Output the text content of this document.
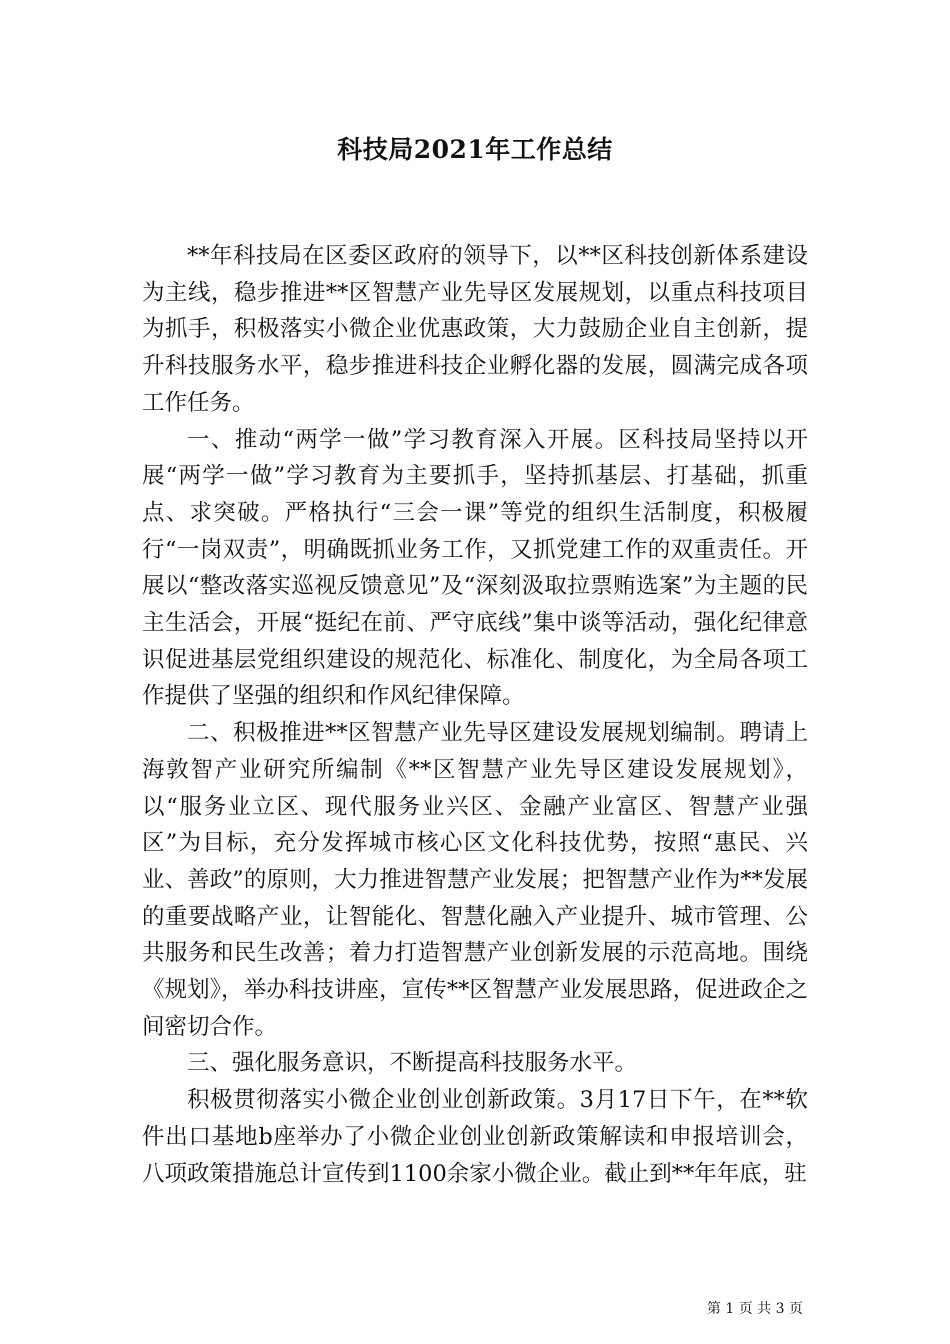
科技局2021年工作总结

**年科技局在区委区政府的领导下，以**区科技创新体系建设为主线，稳步推进**区智慧产业先导区发展规划，以重点科技项目为抓手，积极落实小微企业优惠政策，大力鼓励企业自主创新，提升科技服务水平，稳步推进科技企业孵化器的发展，圆满完成各项工作任务。

一、推动“两学一做”学习教育深入开展。区科技局坚持以开展“两学一做”学习教育为主要抓手，坚持抓基层、打基础，抓重点、求突破。严格执行“三会一课”等党的组织生活制度，积极履行“一岗双责”，明确既抓业务工作，又抓党建工作的双重责任。开展以“整改落实巡视反馈意见”及“深刻汲取拉票贿选案”为主题的民主生活会，开展“挺纪在前、严守底线”集中谈等活动，强化纪律意识促进基层党组织建设的规范化、标准化、制度化，为全局各项工作提供了坚强的组织和作风纪律保障。

二、积极推进**区智慧产业先导区建设发展规划编制。聘请上海敦智产业研究所编制《**区智慧产业先导区建设发展规划》，以“服务业立区、现代服务业兴区、金融产业富区、智慧产业强区”为目标，充分发挥城市核心区文化科技优势，按照“惠民、兴业、善政”的原则，大力推进智慧产业发展；把智慧产业作为**发展的重要战略产业，让智能化、智慧化融入产业提升、城市管理、公共服务和民生改善；着力打造智慧产业创新发展的示范高地。围绕《规划》，举办科技讲座，宣传**区智慧产业发展思路，促进政企之间密切合作。

三、强化服务意识，不断提高科技服务水平。

积极贯彻落实小微企业创业创新政策。3月17日下午，在**软件出口基地b座举办了小微企业创业创新政策解读和申报培训会，八项政策措施总计宣传到1100余家小微企业。截止到**年年底，驻

第 1 页 共 3 页
